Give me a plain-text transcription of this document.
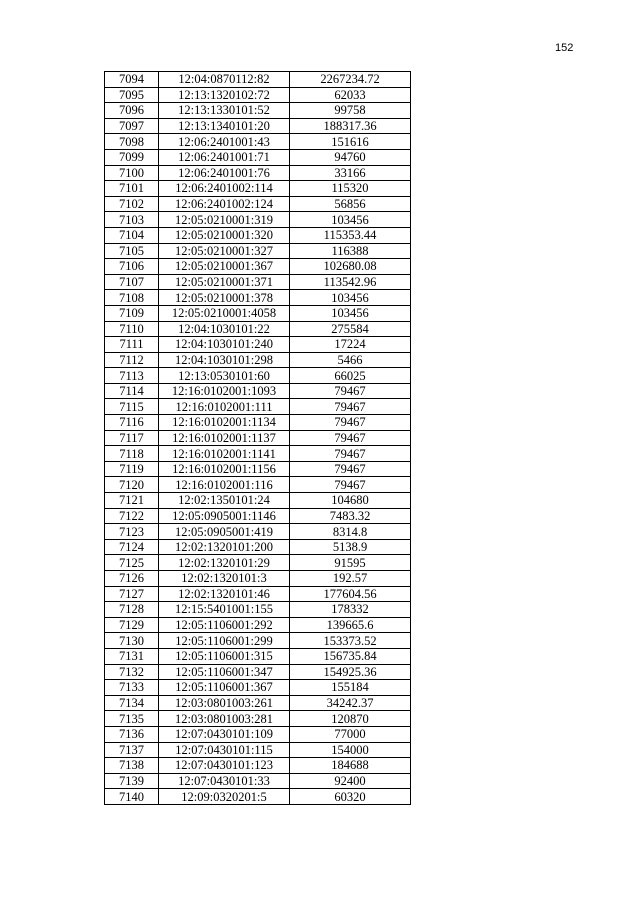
152
7094	12:04:0870112:82	2267234.72
7095	12:13:1320102:72	62033
7096	12:13:1330101:52	99758
7097	12:13:1340101:20	188317.36
7098	12:06:2401001:43	151616
7099	12:06:2401001:71	94760
7100	12:06:2401001:76	33166
7101	12:06:2401002:114	115320
7102	12:06:2401002:124	56856
7103	12:05:0210001:319	103456
7104	12:05:0210001:320	115353.44
7105	12:05:0210001:327	116388
7106	12:05:0210001:367	102680.08
7107	12:05:0210001:371	113542.96
7108	12:05:0210001:378	103456
7109	12:05:0210001:4058	103456
7110	12:04:1030101:22	275584
7111	12:04:1030101:240	17224
7112	12:04:1030101:298	5466
7113	12:13:0530101:60	66025
7114	12:16:0102001:1093	79467
7115	12:16:0102001:111	79467
7116	12:16:0102001:1134	79467
7117	12:16:0102001:1137	79467
7118	12:16:0102001:1141	79467
7119	12:16:0102001:1156	79467
7120	12:16:0102001:116	79467
7121	12:02:1350101:24	104680
7122	12:05:0905001:1146	7483.32
7123	12:05:0905001:419	8314.8
7124	12:02:1320101:200	5138.9
7125	12:02:1320101:29	91595
7126	12:02:1320101:3	192.57
7127	12:02:1320101:46	177604.56
7128	12:15:5401001:155	178332
7129	12:05:1106001:292	139665.6
7130	12:05:1106001:299	153373.52
7131	12:05:1106001:315	156735.84
7132	12:05:1106001:347	154925.36
7133	12:05:1106001:367	155184
7134	12:03:0801003:261	34242.37
7135	12:03:0801003:281	120870
7136	12:07:0430101:109	77000
7137	12:07:0430101:115	154000
7138	12:07:0430101:123	184688
7139	12:07:0430101:33	92400
7140	12:09:0320201:5	60320
